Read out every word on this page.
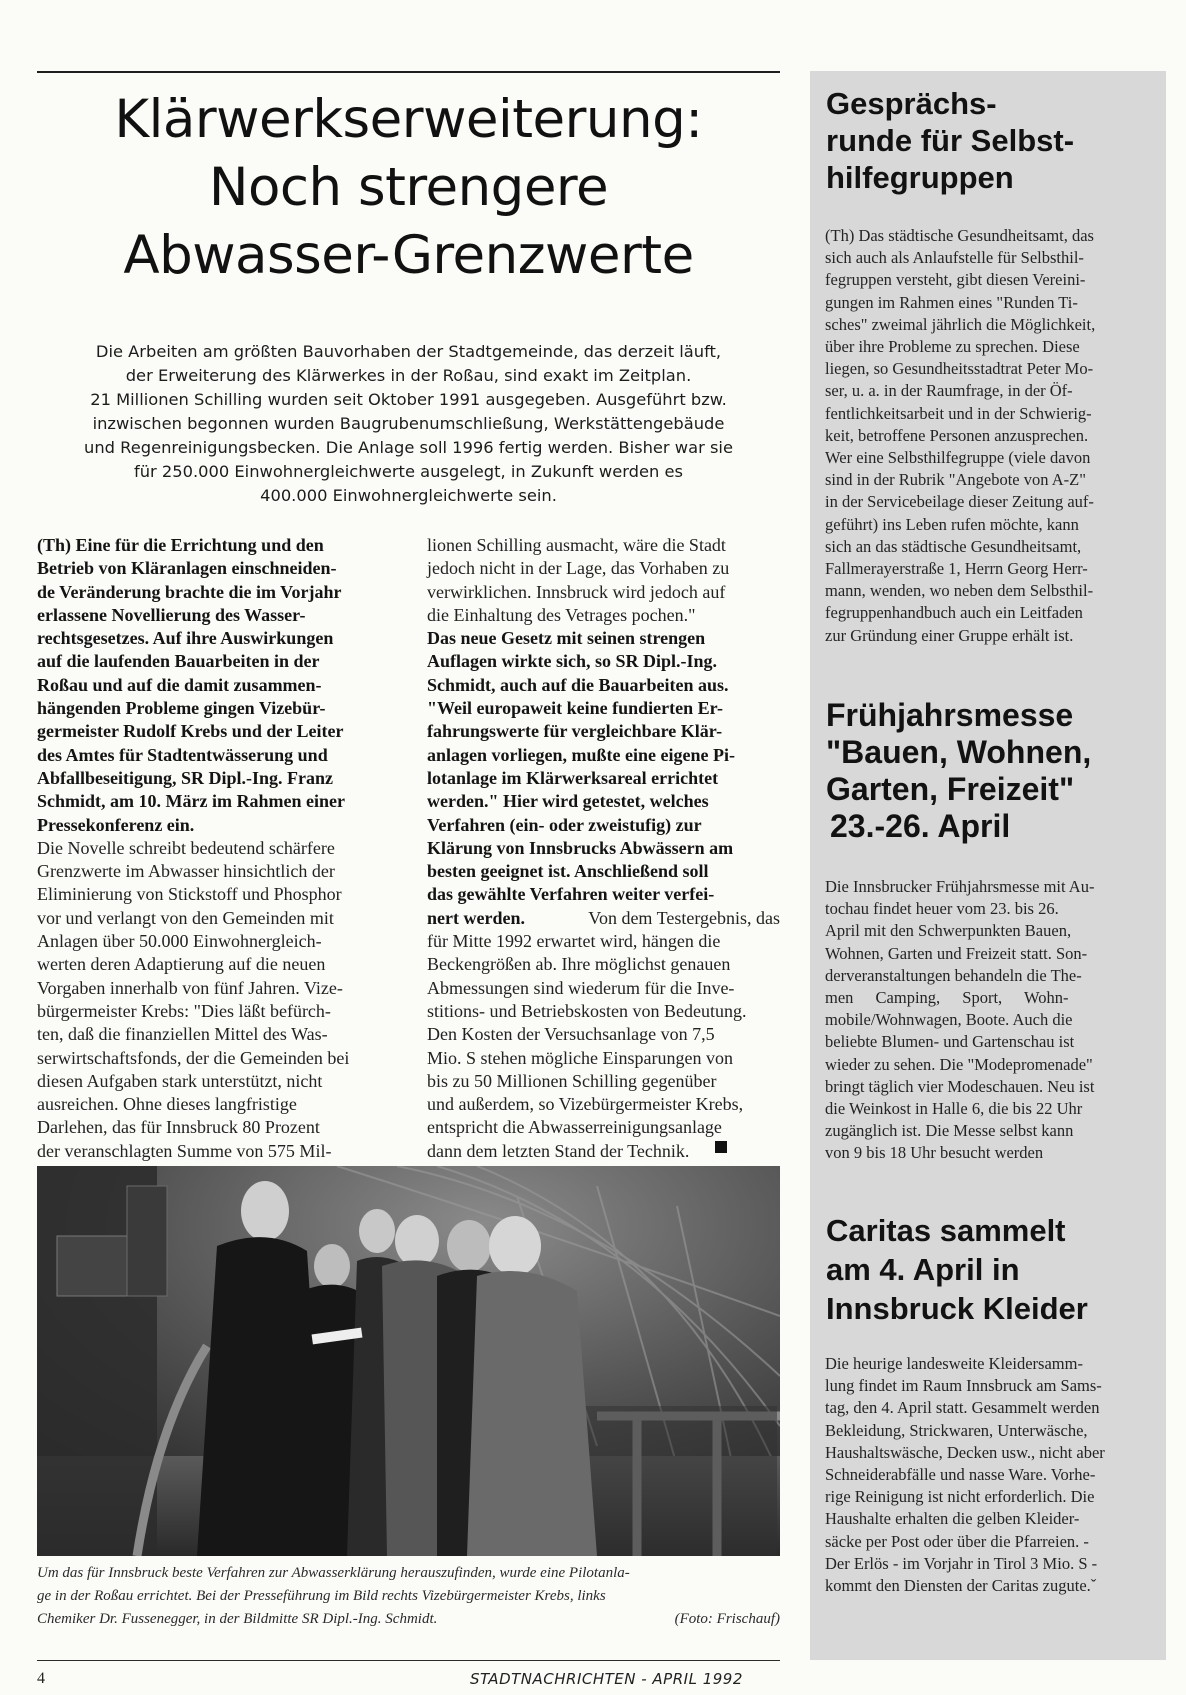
Klärwerkserweiterung:
Noch strengere
Abwasser-Grenzwerte
Die Arbeiten am größten Bauvorhaben der Stadtgemeinde, das derzeit läuft,
der Erweiterung des Klärwerkes in der Roßau, sind exakt im Zeitplan.
21 Millionen Schilling wurden seit Oktober 1991 ausgegeben. Ausgeführt bzw.
inzwischen begonnen wurden Baugrubenumschließung, Werkstättengebäude
und Regenreinigungsbecken. Die Anlage soll 1996 fertig werden. Bisher war sie
für 250.000 Einwohnergleichwerte ausgelegt, in Zukunft werden es
400.000 Einwohnergleichwerte sein.
(Th) Eine für die Errichtung und den
Betrieb von Kläranlagen einschneiden-
de Veränderung brachte die im Vorjahr
erlassene Novellierung des Wasser-
rechtsgesetzes. Auf ihre Auswirkungen
auf die laufenden Bauarbeiten in der
Roßau und auf die damit zusammen-
hängenden Probleme gingen Vizebür-
germeister Rudolf Krebs und der Leiter
des Amtes für Stadtentwässerung und
Abfallbeseitigung, SR Dipl.-Ing. Franz
Schmidt, am 10. März im Rahmen einer
Pressekonferenz ein.
Die Novelle schreibt bedeutend schärfere
Grenzwerte im Abwasser hinsichtlich der
Eliminierung von Stickstoff und Phosphor
vor und verlangt von den Gemeinden mit
Anlagen über 50.000 Einwohnergleich-
werten deren Adaptierung auf die neuen
Vorgaben innerhalb von fünf Jahren. Vize-
bürgermeister Krebs: "Dies läßt befürch-
ten, daß die finanziellen Mittel des Was-
serwirtschaftsfonds, der die Gemeinden bei
diesen Aufgaben stark unterstützt, nicht
ausreichen. Ohne dieses langfristige
Darlehen, das für Innsbruck 80 Prozent
der veranschlagten Summe von 575 Mil-
lionen Schilling ausmacht, wäre die Stadt
jedoch nicht in der Lage, das Vorhaben zu
verwirklichen. Innsbruck wird jedoch auf
die Einhaltung des Vetrages pochen."
Das neue Gesetz mit seinen strengen
Auflagen wirkte sich, so SR Dipl.-Ing.
Schmidt, auch auf die Bauarbeiten aus.
"Weil europaweit keine fundierten Er-
fahrungswerte für vergleichbare Klär-
anlagen vorliegen, mußte eine eigene Pi-
lotanlage im Klärwerksareal errichtet
werden." Hier wird getestet, welches
Verfahren (ein- oder zweistufig) zur
Klärung von Innsbrucks Abwässern am
besten geeignet ist. Anschließend soll
das gewählte Verfahren weiter verfei-
nert werden.	Von dem Testergebnis, das
für Mitte 1992 erwartet wird, hängen die
Beckengrößen ab. Ihre möglichst genauen
Abmessungen sind wiederum für die Inve-
stitions- und Betriebskosten von Bedeutung.
Den Kosten der Versuchsanlage von 7,5
Mio. S stehen mögliche Einsparungen von
bis zu 50 Millionen Schilling gegenüber
und außerdem, so Vizebürgermeister Krebs,
entspricht die Abwasserreinigungsanlage
dann dem letzten Stand der Technik.
Um das für Innsbruck beste Verfahren zur Abwasserklärung herauszufinden, wurde eine Pilotanla-
ge in der Roßau errichtet. Bei der Presseführung im Bild rechts Vizebürgermeister Krebs, links
Chemiker Dr. Fussenegger, in der Bildmitte SR Dipl.-Ing. Schmidt.	(Foto: Frischauf)
Gesprächs-
runde für Selbst-
hilfegruppen
(Th) Das städtische Gesundheitsamt, das
sich auch als Anlaufstelle für Selbsthil-
fegruppen versteht, gibt diesen Vereini-
gungen im Rahmen eines "Runden Ti-
sches" zweimal jährlich die Möglichkeit,
über ihre Probleme zu sprechen. Diese
liegen, so Gesundheitsstadtrat Peter Mo-
ser, u. a. in der Raumfrage, in der Öf-
fentlichkeitsarbeit und in der Schwierig-
keit, betroffene Personen anzusprechen.
Wer eine Selbsthilfegruppe (viele davon
sind in der Rubrik "Angebote von A-Z"
in der Servicebeilage dieser Zeitung auf-
geführt) ins Leben rufen möchte, kann
sich an das städtische Gesundheitsamt,
Fallmerayerstraße 1, Herrn Georg Herr-
mann, wenden, wo neben dem Selbsthil-
fegruppenhandbuch auch ein Leitfaden
zur Gründung einer Gruppe erhält ist.
Frühjahrsmesse
"Bauen, Wohnen,
Garten, Freizeit"
23.-26. April
Die Innsbrucker Frühjahrsmesse mit Au-
tochau findet heuer vom 23. bis 26.
April mit den Schwerpunkten Bauen,
Wohnen, Garten und Freizeit statt. Son-
derveranstaltungen behandeln die The-
men Camping, Sport, Wohn-
mobile/Wohnwagen, Boote. Auch die
beliebte Blumen- und Gartenschau ist
wieder zu sehen. Die "Modepromenade"
bringt täglich vier Modeschauen. Neu ist
die Weinkost in Halle 6, die bis 22 Uhr
zugänglich ist. Die Messe selbst kann
von 9 bis 18 Uhr besucht werden
Caritas sammelt
am 4. April in
Innsbruck Kleider
Die heurige landesweite Kleidersamm-
lung findet im Raum Innsbruck am Sams-
tag, den 4. April statt. Gesammelt werden
Bekleidung, Strickwaren, Unterwäsche,
Haushaltswäsche, Decken usw., nicht aber
Schneiderabfälle und nasse Ware. Vorhe-
rige Reinigung ist nicht erforderlich. Die
Haushalte erhalten die gelben Kleider-
säcke per Post oder über die Pfarreien. -
Der Erlös - im Vorjahr in Tirol 3 Mio. S -
kommt den Diensten der Caritas zugute.ˇ
4	STADTNACHRICHTEN - APRIL 1992
